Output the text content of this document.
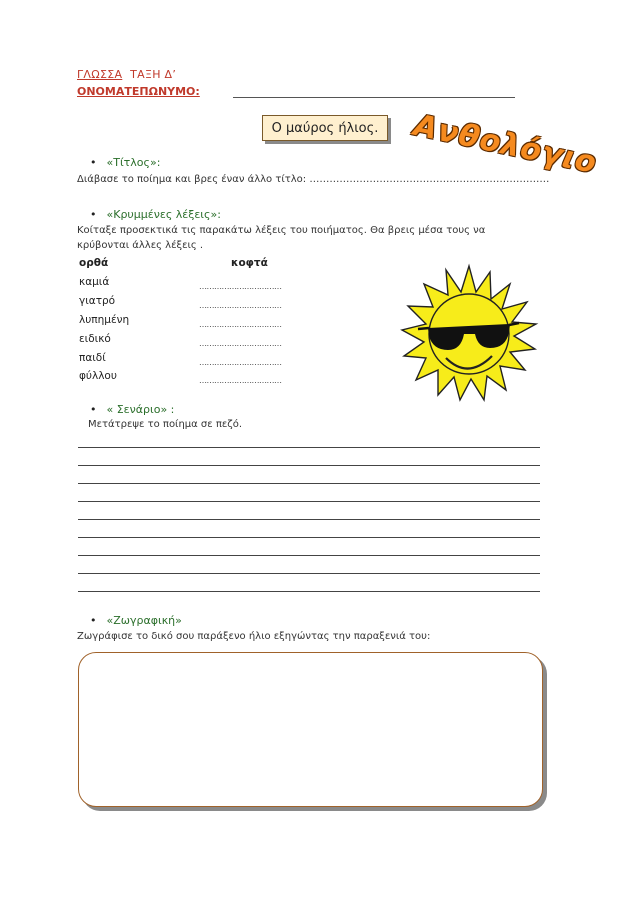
ΓΛΩΣΣΑ ΤΑΞΗ Δ’
ΟΝΟΜΑΤΕΠΩΝΥΜΟ:
Ο μαύρος ήλιος. Ανθολόγιο
• «Τίτλος»:
Διάβασε το ποίημα και βρες έναν άλλο τίτλο: ………………………………………………………………
• «Κρυμμένες λέξεις»:
Κοίταξε προσεκτικά τις παρακάτω λέξεις του ποιήματος. Θα βρεις μέσα τους να
κρύβονται άλλες λέξεις .
ορθά	κοφτά
καμιά	……………………………
γιατρό	……………………………
λυπημένη	……………………………
ειδικό	……………………………
παιδί	……………………………
φύλλου	……………………………
• « Σενάριο» :
Μετάτρεψε το ποίημα σε πεζό.
• «Ζωγραφική»
Ζωγράφισε το δικό σου παράξενο ήλιο εξηγώντας την παραξενιά του:
